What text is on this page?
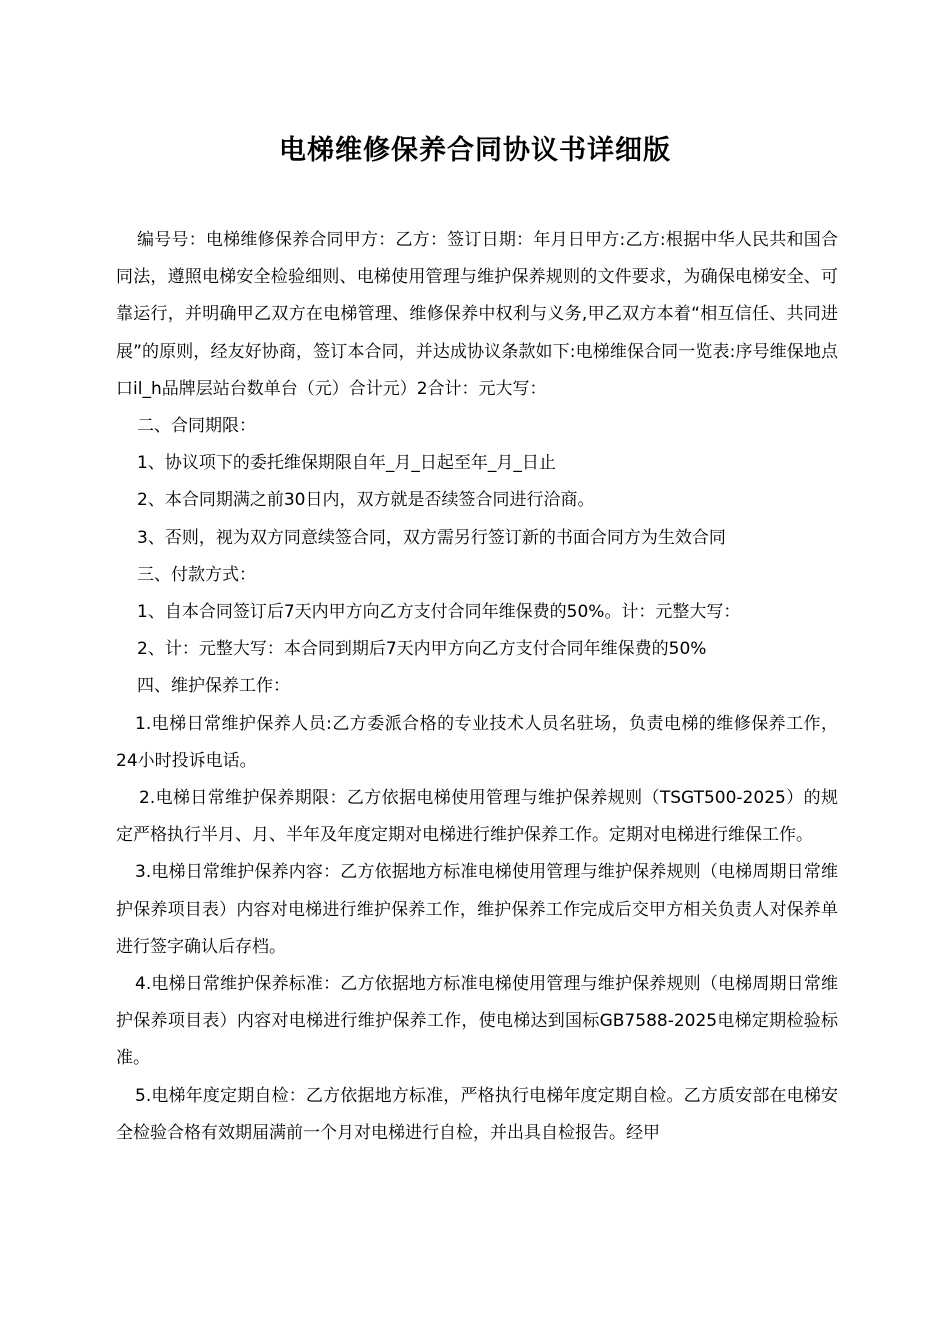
电梯维修保养合同协议书详细版

编号号：电梯维修保养合同甲方：乙方：签订日期：年月日甲方:乙方:根据中华人民共和国合同法，遵照电梯安全检验细则、电梯使用管理与维护保养规则的文件要求，为确保电梯安全、可靠运行，并明确甲乙双方在电梯管理、维修保养中权利与义务,甲乙双方本着“相互信任、共同进展”的原则，经友好协商，签订本合同，并达成协议条款如下:电梯维保合同一览表:序号维保地点口il_h品牌层站台数单台（元）合计元）2合计：元大写：

二、合同期限：

1、协议项下的委托维保期限自年_月_日起至年_月_日止

2、本合同期满之前30日内，双方就是否续签合同进行洽商。

3、否则，视为双方同意续签合同，双方需另行签订新的书面合同方为生效合同

三、付款方式：

1、自本合同签订后7天内甲方向乙方支付合同年维保费的50%。计：元整大写：

2、计：元整大写：本合同到期后7天内甲方向乙方支付合同年维保费的50%

四、维护保养工作：

1.电梯日常维护保养人员:乙方委派合格的专业技术人员名驻场，负责电梯的维修保养工作，24小时投诉电话。

2.电梯日常维护保养期限：乙方依据电梯使用管理与维护保养规则（TSGT500-2025）的规定严格执行半月、月、半年及年度定期对电梯进行维护保养工作。定期对电梯进行维保工作。

3.电梯日常维护保养内容：乙方依据地方标准电梯使用管理与维护保养规则（电梯周期日常维护保养项目表）内容对电梯进行维护保养工作，维护保养工作完成后交甲方相关负责人对保养单进行签字确认后存档。

4.电梯日常维护保养标准：乙方依据地方标准电梯使用管理与维护保养规则（电梯周期日常维护保养项目表）内容对电梯进行维护保养工作，使电梯达到国标GB7588-2025电梯定期检验标准。

5.电梯年度定期自检：乙方依据地方标准，严格执行电梯年度定期自检。乙方质安部在电梯安全检验合格有效期届满前一个月对电梯进行自检，并出具自检报告。经甲
